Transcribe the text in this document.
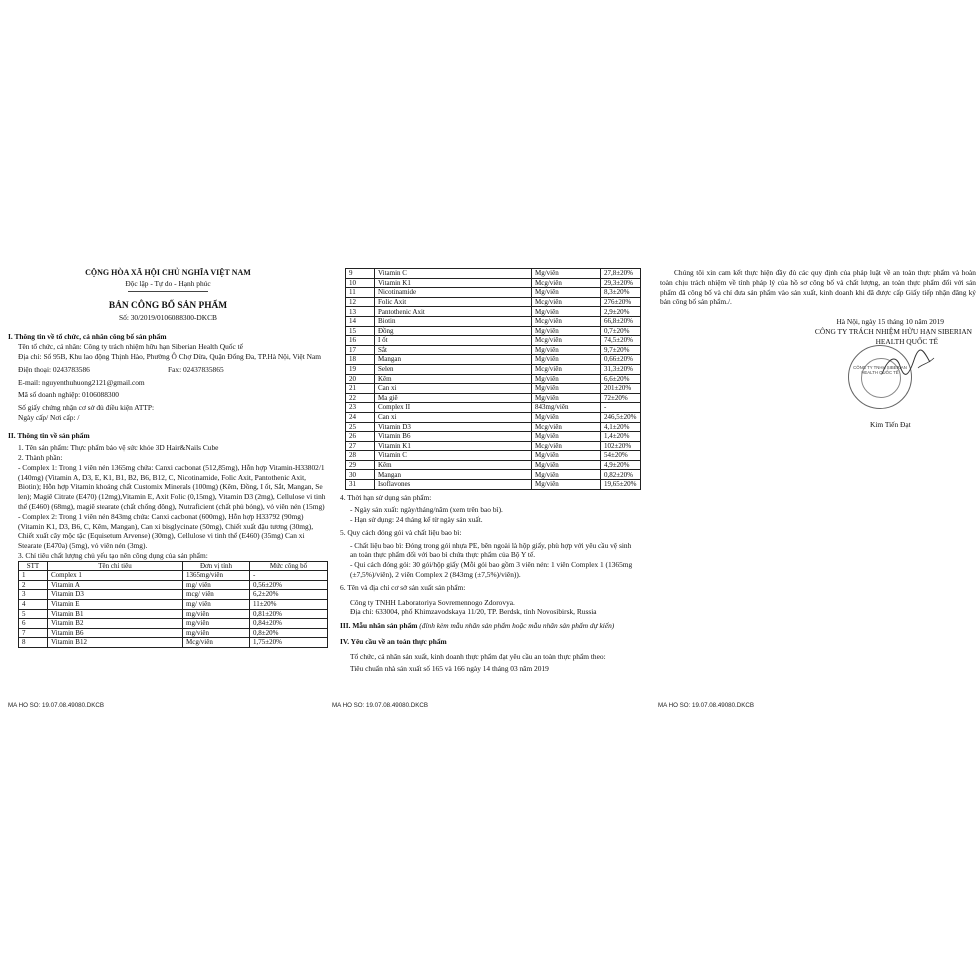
CỘNG HÒA XÃ HỘI CHỦ NGHĨA VIỆT NAM
Độc lập - Tự do - Hạnh phúc
BẢN CÔNG BỐ SẢN PHẨM
Số: 30/2019/0106088300-DKCB
I. Thông tin về tổ chức, cá nhân công bố sản phẩm
Tên tổ chức, cá nhân: Công ty trách nhiệm hữu hạn Siberian Health Quốc tế
Địa chỉ: Số 95B, Khu lao động Thịnh Hào, Phường Ô Chợ Dừa, Quận Đống Đa, TP.Hà Nội, Việt Nam
Điện thoại: 0243783586	Fax: 02437835865
E-mail: nguyenthuhuong2121@gmail.com
Mã số doanh nghiệp: 0106088300
Số giấy chứng nhận cơ sở đủ điều kiện ATTP:
Ngày cấp/ Nơi cấp: /
II. Thông tin về sản phẩm
1. Tên sản phẩm: Thực phẩm bảo vệ sức khỏe 3D Hair&Nails Cube
2. Thành phần:
- Complex 1: Trong 1 viên nén 1365mg chứa: Canxi cacbonat (512,85mg), Hỗn hợp Vitamin-H33802/1 (140mg) (Vitamin A, D3, E, K1, B1, B2, B6, B12, C, Nicotinamide, Folic Axit, Pantothenic Axit, Biotin); Hỗn hợp Vitamin khoáng chất Customix Minerals (100mg) (Kẽm, Đồng, I ốt, Sắt, Mangan, Se len); Magiê Citrate (E470) (12mg),Vitamin E, Axit Folic (0,15mg), Vitamin D3 (2mg), Cellulose vi tinh thể (E460) (68mg), magiê stearate (chất chống đông), Nutraficient (chất phủ bóng), vỏ viên nén (15mg)
- Complex 2: Trong 1 viên nén 843mg chứa: Canxi cacbonat (600mg), Hỗn hợp H33792 (90mg) (Vitamin K1, D3, B6, C, Kẽm, Mangan), Can xi bisglycinate (50mg), Chiết xuất đậu tương (30mg), Chiết xuất cây mộc tặc (Equisetum Arvense) (30mg), Cellulose vi tinh thể (E460) (35mg) Can xi Stearate (E470a) (5mg), vỏ viên nén (3mg).
3. Chỉ tiêu chất lượng chủ yếu tạo nên công dụng của sản phẩm:
STT	Tên chỉ tiêu	Đơn vị tính	Mức công bố
1	Complex 1	1365mg/viên	-
2	Vitamin A	mg/ viên	0,56±20%
3	Vitamin D3	mcg/ viên	6,2±20%
4	Vitamin E	mg/ viên	11±20%
5	Vitamin B1	mg/viên	0,81±20%
6	Vitamin B2	mg/viên	0,84±20%
7	Vitamin B6	mg/viên	0,8±20%
8	Vitamin B12	Mcg/viên	1,75±20%
MA HO SO: 19.07.08.49080.DKCB
9	Vitamin C	Mg/viên	27,8±20%
10	Vitamin K1	Mcg/viên	29,3±20%
11	Nicotinamide	Mg/viên	8,3±20%
12	Folic Axit	Mcg/viên	276±20%
13	Pantothenic Axit	Mg/viên	2,9±20%
14	Biotin	Mcg/viên	66,8±20%
15	Đồng	Mg/viên	0,7±20%
16	I ốt	Mcg/viên	74,5±20%
17	Sắt	Mg/viên	9,7±20%
18	Mangan	Mg/viên	0,66±20%
19	Selen	Mcg/viên	31,3±20%
20	Kẽm	Mg/viên	6,6±20%
21	Can xi	Mg/viên	201±20%
22	Ma giê	Mg/viên	72±20%
23	Complex II	843mg/viên	-
24	Can xi	Mg/viên	246,5±20%
25	Vitamin D3	Mcg/viên	4,1±20%
26	Vitamin B6	Mg/viên	1,4±20%
27	Vitamin K1	Mcg/viên	102±20%
28	Vitamin C	Mg/viên	54±20%
29	Kẽm	Mg/viên	4,9±20%
30	Mangan	Mg/viên	0,82±20%
31	Isoflavones	Mg/viên	19,65±20%
4. Thời hạn sử dụng sản phẩm:
- Ngày sản xuất: ngày/tháng/năm (xem trên bao bì).
- Hạn sử dụng: 24 tháng kể từ ngày sản xuất.
5. Quy cách đóng gói và chất liệu bao bì:
- Chất liệu bao bì: Đóng trong gói nhựa PE, bên ngoài là hộp giấy, phù hợp với yêu cầu vệ sinh an toàn thực phẩm đối với bao bì chứa thực phẩm của Bộ Y tế.
- Qui cách đóng gói: 30 gói/hộp giấy (Mỗi gói bao gồm 3 viên nén: 1 viên Complex 1 (1365mg (±7,5%)/viên), 2 viên Complex 2 (843mg (±7,5%)/viên)).
6. Tên và địa chỉ cơ sở sản xuất sản phẩm:
Công ty TNHH Laboratoriya Sovremennogo Zdorovya.
Địa chỉ: 633004, phố Khimzavodskaya 11/20, TP. Berdsk, tỉnh Novosibirsk, Russia
III. Mẫu nhãn sản phẩm (đính kèm mẫu nhãn sản phẩm hoặc mẫu nhãn sản phẩm dự kiến)
IV. Yêu cầu về an toàn thực phẩm
Tổ chức, cá nhân sản xuất, kinh doanh thực phẩm đạt yêu cầu an toàn thực phẩm theo:
Tiêu chuẩn nhà sản xuất số 165 và 166 ngày 14 tháng 03 năm 2019
MA HO SO: 19.07.08.49080.DKCB
Chúng tôi xin cam kết thực hiện đầy đủ các quy định của pháp luật về an toàn thực phẩm và hoàn toàn chịu trách nhiệm về tính pháp lý của hồ sơ công bố và chất lượng, an toàn thực phẩm đối với sản phẩm đã công bố và chỉ đưa sản phẩm vào sản xuất, kinh doanh khi đã được cấp Giấy tiếp nhận đăng ký bản công bố sản phẩm./.
Hà Nội, ngày 15 tháng 10 năm 2019
CÔNG TY TRÁCH NHIỆM HỮU HẠN SIBERIAN
HEALTH QUỐC TẾ
CÔNG TY TNHH SIBERIAN HEALTH QUỐC TẾ
Kim Tiến Đạt
MA HO SO: 19.07.08.49080.DKCB
